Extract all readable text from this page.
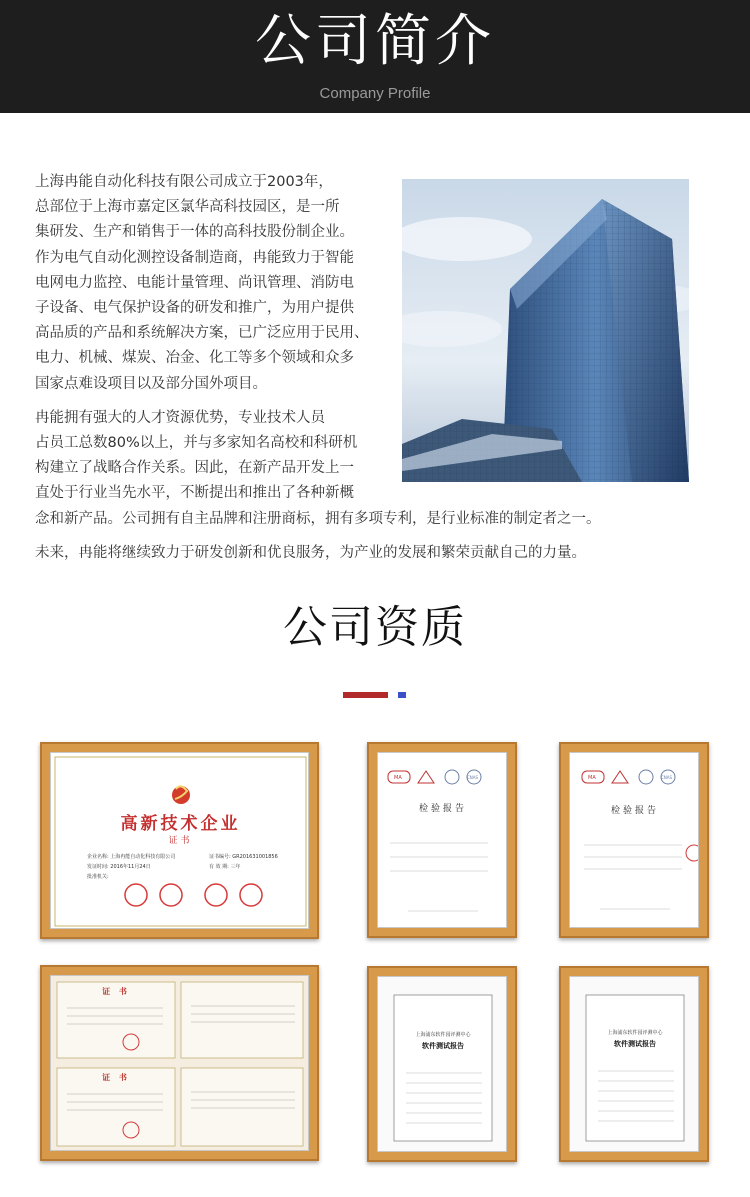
公司简介
Company Profile

上海冉能自动化科技有限公司成立于2003年，

总部位于上海市嘉定区氯华高科技园区，是一所

集研发、生产和销售于一体的高科技股份制企业。

作为电气自动化测控设备制造商，冉能致力于智能

电网电力监控、电能计量管理、尚讯管理、消防电

子设备、电气保护设备的研发和推广，为用户提供

高品质的产品和系统解决方案，已广泛应用于民用、

电力、机械、煤炭、冶金、化工等多个领域和众多

国家点难设项目以及部分国外项目。

冉能拥有强大的人才资源优势，专业技术人员

占员工总数80%以上，并与多家知名高校和科研机

构建立了战略合作关系。因此，在新产品开发上一

直处于行业当先水平，不断提出和推出了各种新概

念和新产品。公司拥有自主品牌和注册商标，拥有多项专利，是行业标准的制定者之一。

未来，冉能将继续致力于研发创新和优良服务，为产业的发展和繁荣贡献自己的力量。

公司资质
高新技术企业
证书
企业名称: 上海冉能自动化科技有限公司	证书编号: GR201631001856
发证时间: 2016年11月24日	有 效 期: 三年
批准机关:
MA	CNAS
检验报告
MA	CNAS
检验报告
证 书
证 书
上海浦东软件园评测中心
软件测试报告
上海浦东软件园评测中心
软件测试报告
